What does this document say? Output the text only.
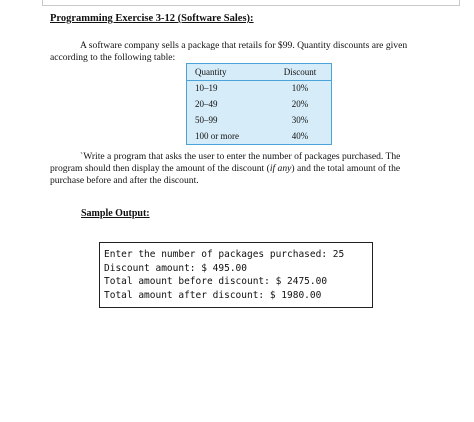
Programming Exercise 3-12 (Software Sales):
A software company sells a package that retails for $99. Quantity discounts are given according to the following table:
Quantity	Discount
10–19	10%
20–49	20%
50–99	30%
100 or more	40%
`Write a program that asks the user to enter the number of packages purchased. The program should then display the amount of the discount (if any) and the total amount of the purchase before and after the discount.
Sample Output:
Enter the number of packages purchased: 25
Discount amount: $ 495.00
Total amount before discount: $ 2475.00
Total amount after discount: $ 1980.00
